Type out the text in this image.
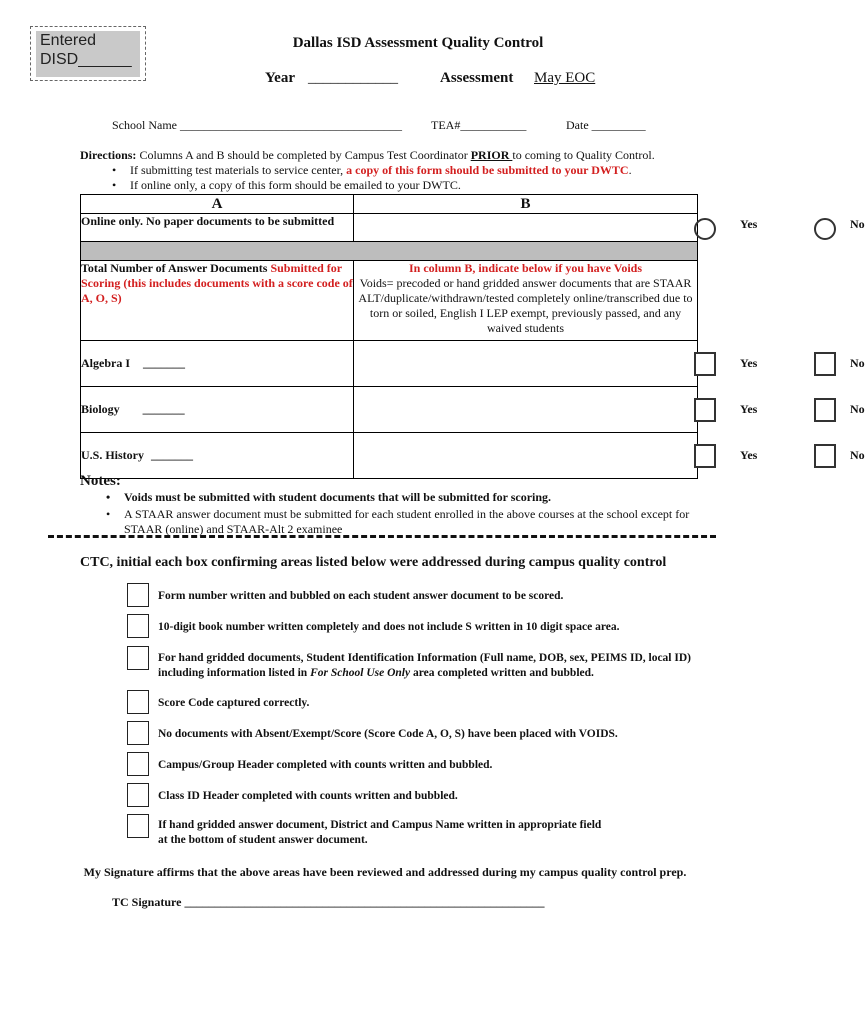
Entered
DISD______
Dallas ISD Assessment Quality Control
Year ____________	Assessment May EOC
School Name _____________________________________ TEA#___________	Date _________
Directions: Columns A and B should be completed by Campus Test Coordinator PRIOR to coming to Quality Control.
• If submitting test materials to service center, a copy of this form should be submitted to your DWTC.
• If online only, a copy of this form should be emailed to your DWTC.
A	B
Online only. No paper documents to be submitted	Yes No

Total Number of Answer Documents Submitted for Scoring (this includes documents with a score code of A, O, S)	In column B, indicate below if you have Voids
Voids= precoded or hand gridded answer documents that are STAAR ALT/duplicate/withdrawn/tested completely online/transcribed due to torn or soiled, English I LEP exempt, previously passed, and any waived students

Algebra I _______	Yes No

Biology _______	Yes No

U.S. History _______	Yes No
Notes:
• Voids must be submitted with student documents that will be submitted for scoring.
• A STAAR answer document must be submitted for each student enrolled in the above courses at the school except for STAAR (online) and STAAR-Alt 2 examinee
CTC, initial each box confirming areas listed below were addressed during campus quality control
Form number written and bubbled on each student answer document to be scored.
10-digit book number written completely and does not include S written in 10 digit space area.
For hand gridded documents, Student Identification Information (Full name, DOB, sex, PEIMS ID, local ID)
including information listed in For School Use Only area completed written and bubbled.
Score Code captured correctly.
No documents with Absent/Exempt/Score (Score Code A, O, S) have been placed with VOIDS.
Campus/Group Header completed with counts written and bubbled.
Class ID Header completed with counts written and bubbled.
If hand gridded answer document, District and Campus Name written in appropriate field
at the bottom of student answer document.
My Signature affirms that the above areas have been reviewed and addressed during my campus quality control prep.
TC Signature ____________________________________________________________
